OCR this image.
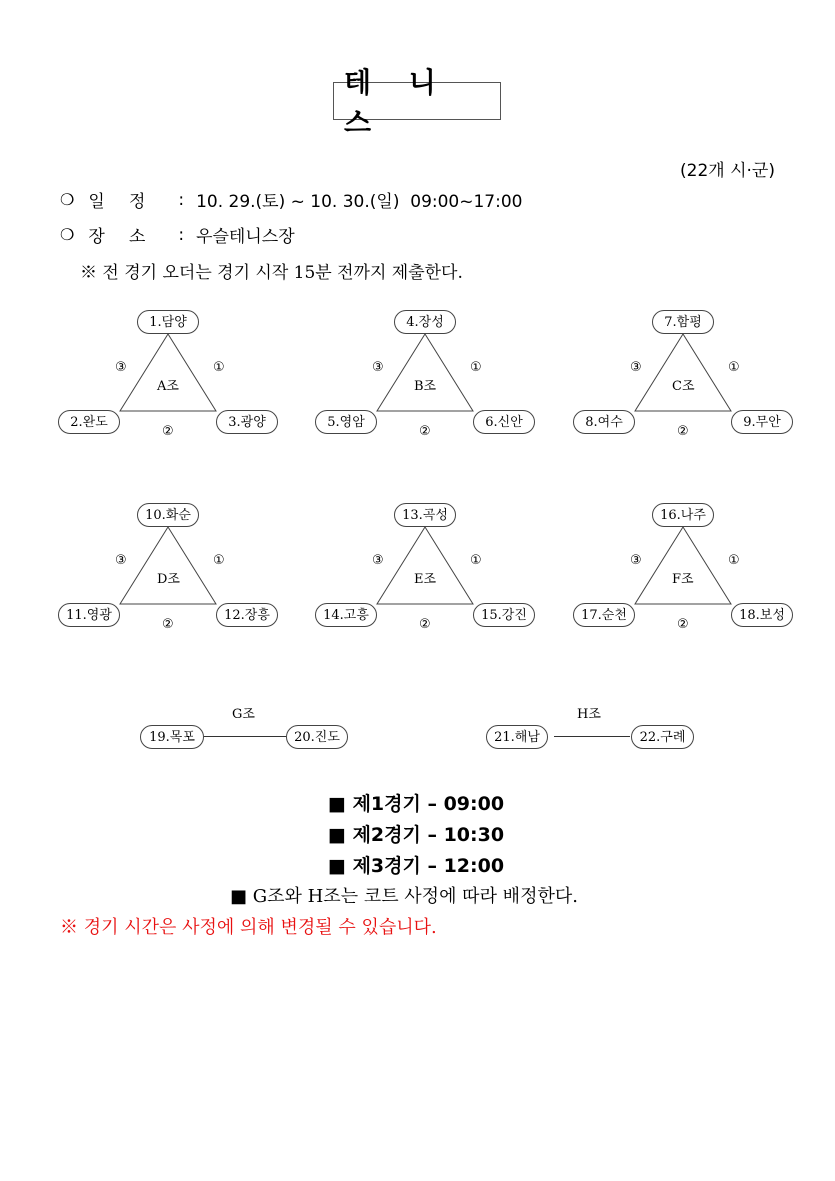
테 니 스
(22개 시·군)
❍ 일   정	: 10. 29.(토) ~ 10. 30.(일)  09:00~17:00
❍ 장   소	: 우슬테니스장
※ 전 경기 오더는 경기 시작 15분 전까지 제출한다.
1.담양
2.완도	3.광양
A조
③	①
②
4.장성
5.영암	6.신안
B조
③	①
②
7.함평
8.여수	9.무안
C조
③	①
②
10.화순
11.영광	12.장흥
D조
③	①
②
13.곡성
14.고흥	15.강진
E조
③	①
②
16.나주
17.순천	18.보성
F조
③	①
②
G조
19.목포	20.진도
H조
21.해남	22.구례
■ 제1경기 – 09:00
■ 제2경기 – 10:30
■ 제3경기 – 12:00
■ G조와 H조는 코트 사정에 따라 배정한다.
※ 경기 시간은 사정에 의해 변경될 수 있습니다.
